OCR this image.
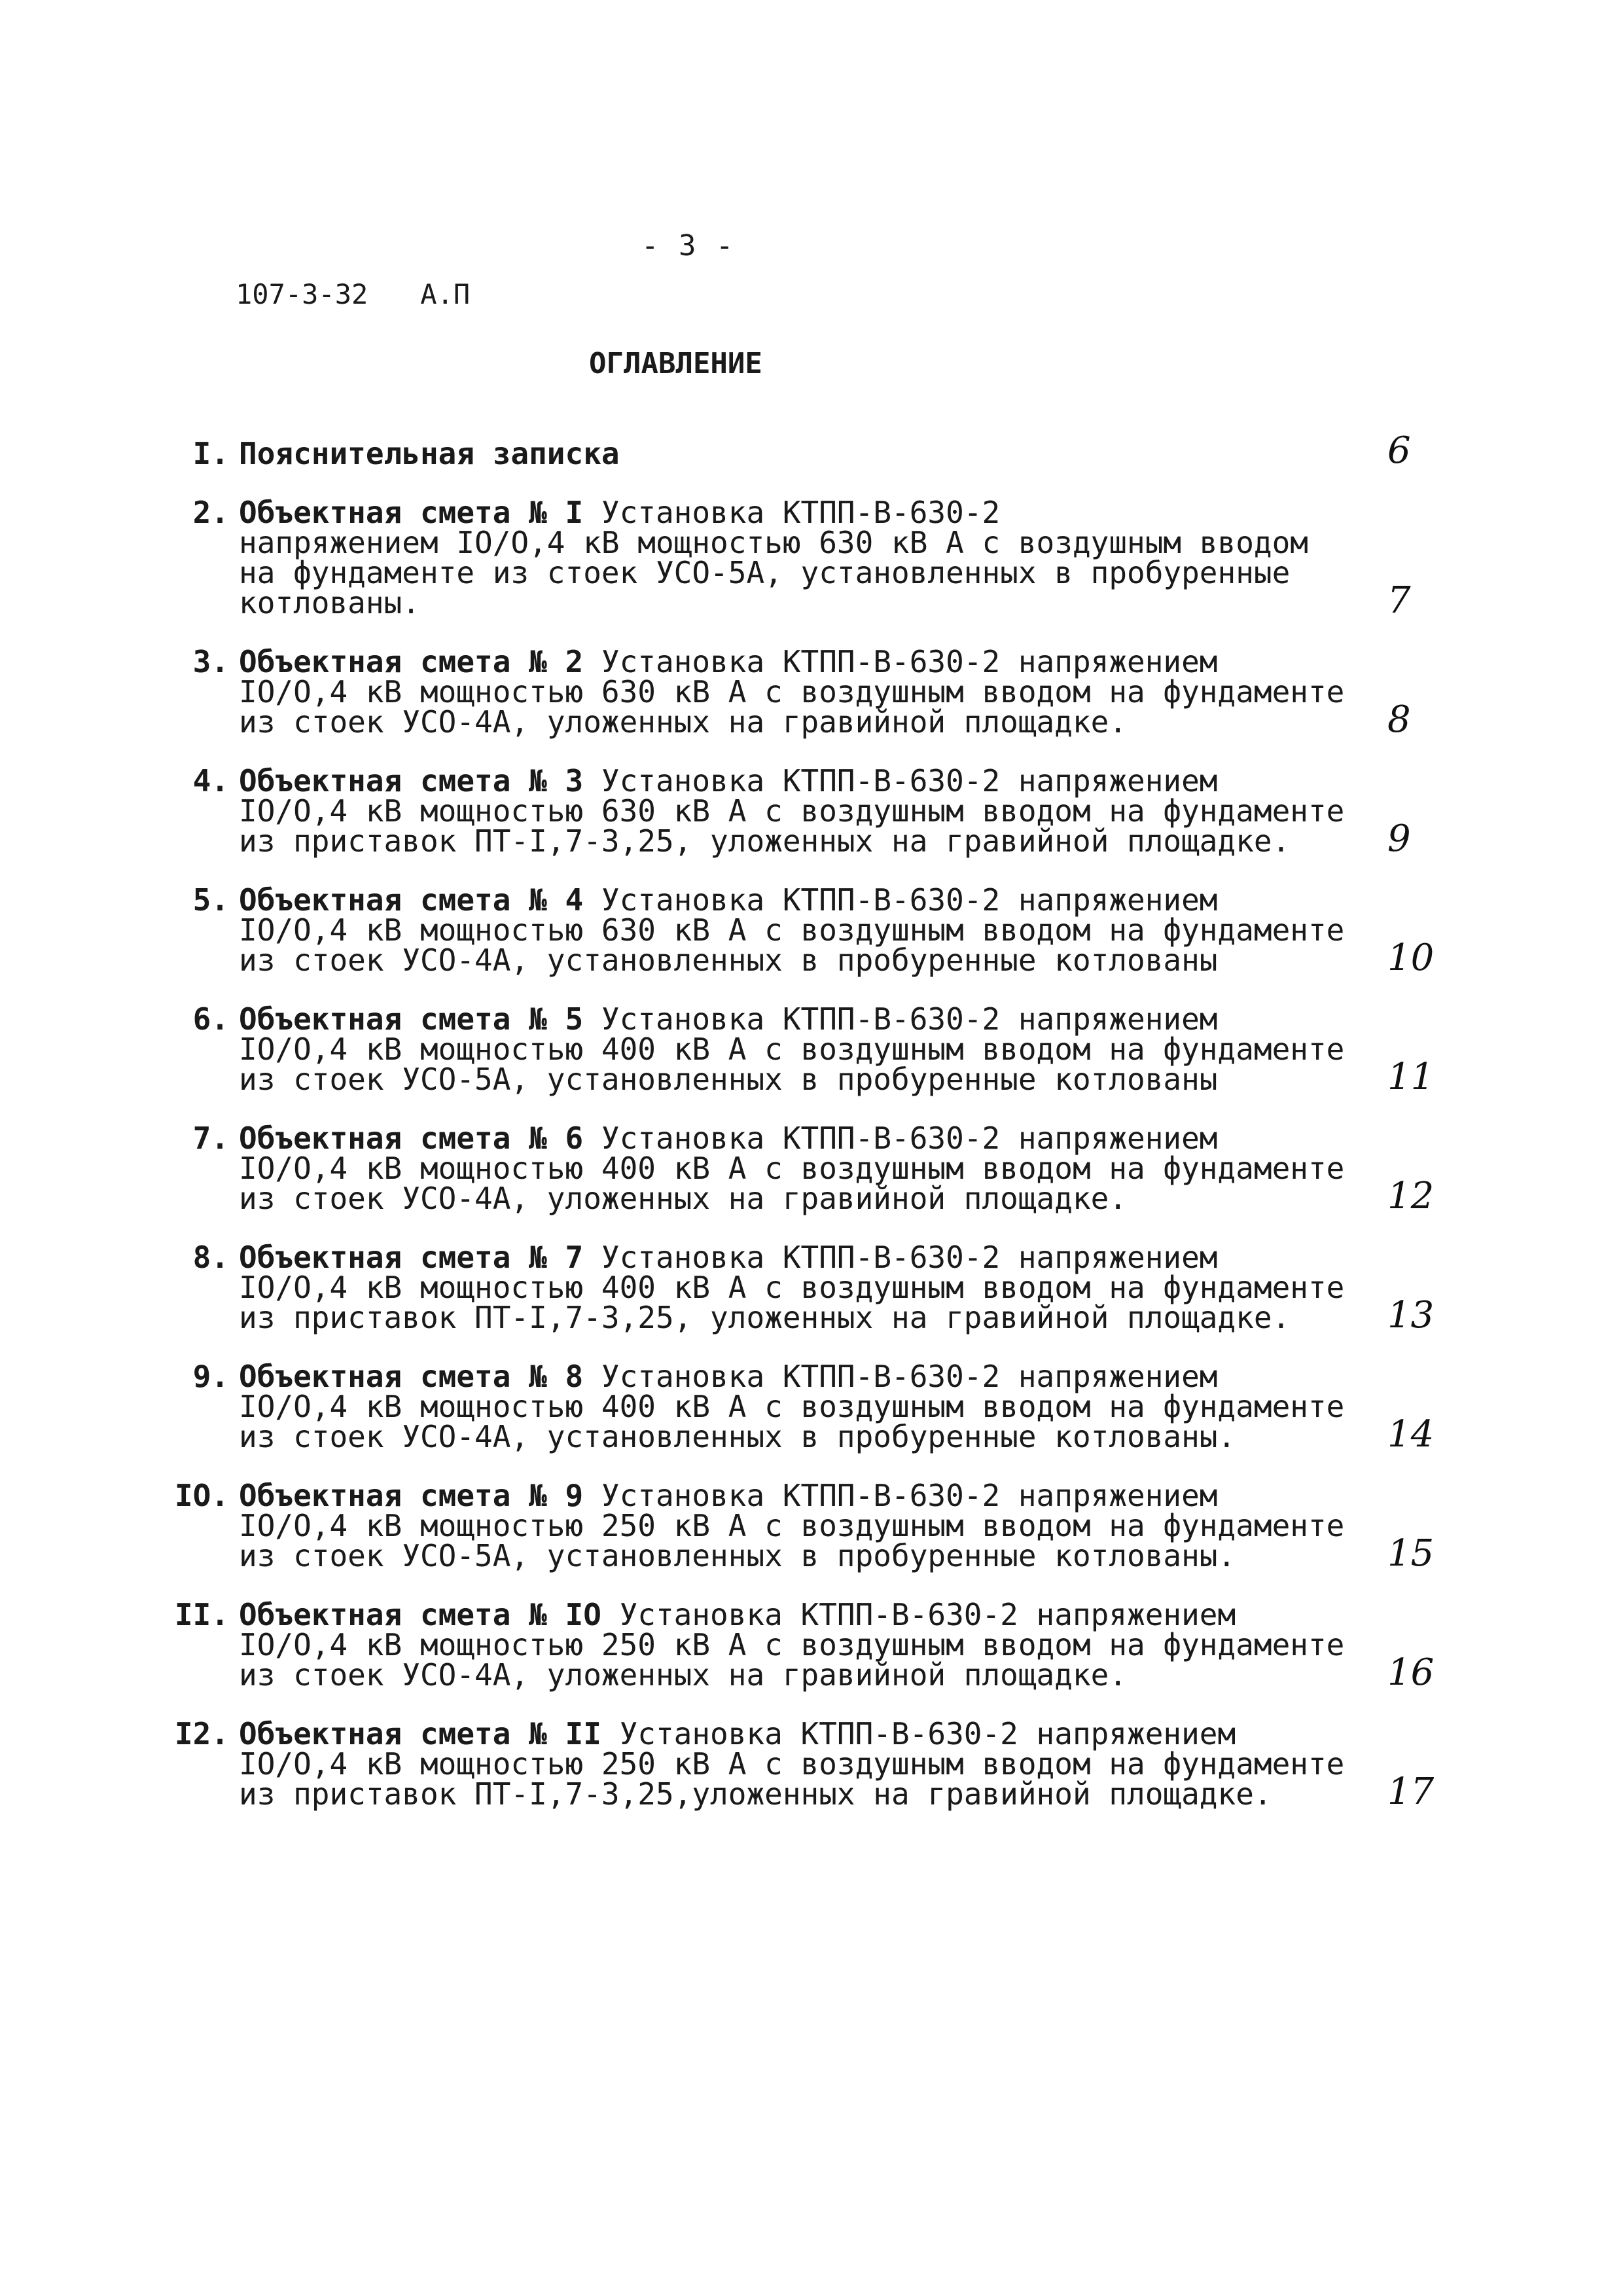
- 3 -
107-3-32 А.П
ОГЛАВЛЕНИЕ
I. Пояснительная записка	6
2. Объектная смета № I Установка КТПП-В-630-2
напряжением IO/O,4 кВ мощностью 630 кВ А с воздушным вводом
на фундаменте из стоек УСО-5А, установленных в пробуренные
котлованы.	7
3. Объектная смета № 2 Установка КТПП-В-630-2 напряжением
IO/O,4 кВ мощностью 630 кВ А с воздушным вводом на фундаменте
из стоек УСО-4А, уложенных на гравийной площадке.	8
4. Объектная смета № 3 Установка КТПП-В-630-2 напряжением
IO/O,4 кВ мощностью 630 кВ А с воздушным вводом на фундаменте
из приставок ПТ-I,7-3,25, уложенных на гравийной площадке.	9
5. Объектная смета № 4 Установка КТПП-В-630-2 напряжением
IO/O,4 кВ мощностью 630 кВ А с воздушным вводом на фундаменте
из стоек УСО-4А, установленных в пробуренные котлованы	10
6. Объектная смета № 5 Установка КТПП-В-630-2 напряжением
IO/O,4 кВ мощностью 400 кВ А с воздушным вводом на фундаменте
из стоек УСО-5А, установленных в пробуренные котлованы	11
7. Объектная смета № 6 Установка КТПП-В-630-2 напряжением
IO/O,4 кВ мощностью 400 кВ А с воздушным вводом на фундаменте
из стоек УСО-4А, уложенных на гравийной площадке.	12
8. Объектная смета № 7 Установка КТПП-В-630-2 напряжением
IO/O,4 кВ мощностью 400 кВ А с воздушным вводом на фундаменте
из приставок ПТ-I,7-3,25, уложенных на гравийной площадке.	13
9. Объектная смета № 8 Установка КТПП-В-630-2 напряжением
IO/O,4 кВ мощностью 400 кВ А с воздушным вводом на фундаменте
из стоек УСО-4А, установленных в пробуренные котлованы.	14
IO. Объектная смета № 9 Установка КТПП-В-630-2 напряжением
IO/O,4 кВ мощностью 250 кВ А с воздушным вводом на фундаменте
из стоек УСО-5А, установленных в пробуренные котлованы.	15
II. Объектная смета № IO Установка КТПП-В-630-2 напряжением
IO/O,4 кВ мощностью 250 кВ А с воздушным вводом на фундаменте
из стоек УСО-4А, уложенных на гравийной площадке.	16
I2. Объектная смета № II Установка КТПП-В-630-2 напряжением
IO/O,4 кВ мощностью 250 кВ А с воздушным вводом на фундаменте
из приставок ПТ-I,7-3,25,уложенных на гравийной площадке.	17
